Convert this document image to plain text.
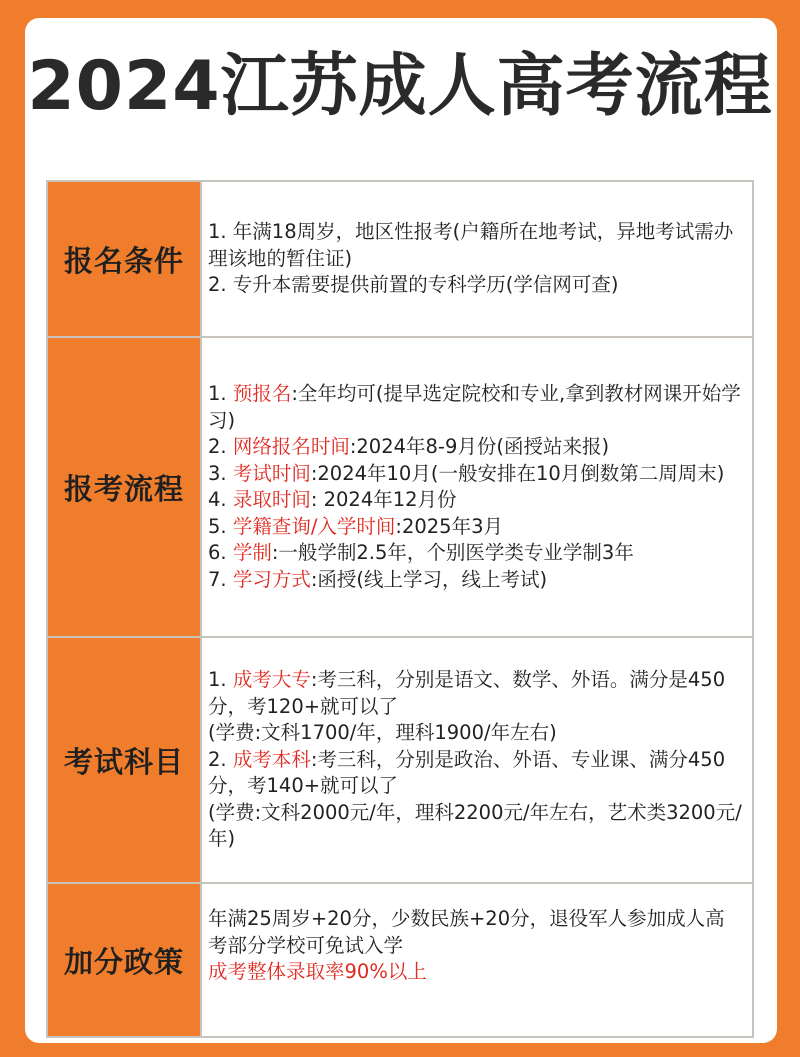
2024江苏成人高考流程
报名条件
1. 年满18周岁，地区性报考(户籍所在地考试，异地考试需办理该地的暂住证)
2. 专升本需要提供前置的专科学历(学信网可查)
报考流程
1. 预报名:全年均可(提早选定院校和专业,拿到教材网课开始学习)
2. 网络报名时间:2024年8-9月份(函授站来报)
3. 考试时间:2024年10月(一般安排在10月倒数第二周周末)
4. 录取时间: 2024年12月份
5. 学籍查询/入学时间:2025年3月
6. 学制:一般学制2.5年，个别医学类专业学制3年
7. 学习方式:函授(线上学习，线上考试)
考试科目
1. 成考大专:考三科，分别是语文、数学、外语。满分是450分，考120+就可以了
(学费:文科1700/年，理科1900/年左右)
2. 成考本科:考三科，分别是政治、外语、专业课、满分450分，考140+就可以了
(学费:文科2000元/年，理科2200元/年左右，艺术类3200元/年)
加分政策
年满25周岁+20分，少数民族+20分，退役军人参加成人高考部分学校可免试入学
成考整体录取率90%以上
